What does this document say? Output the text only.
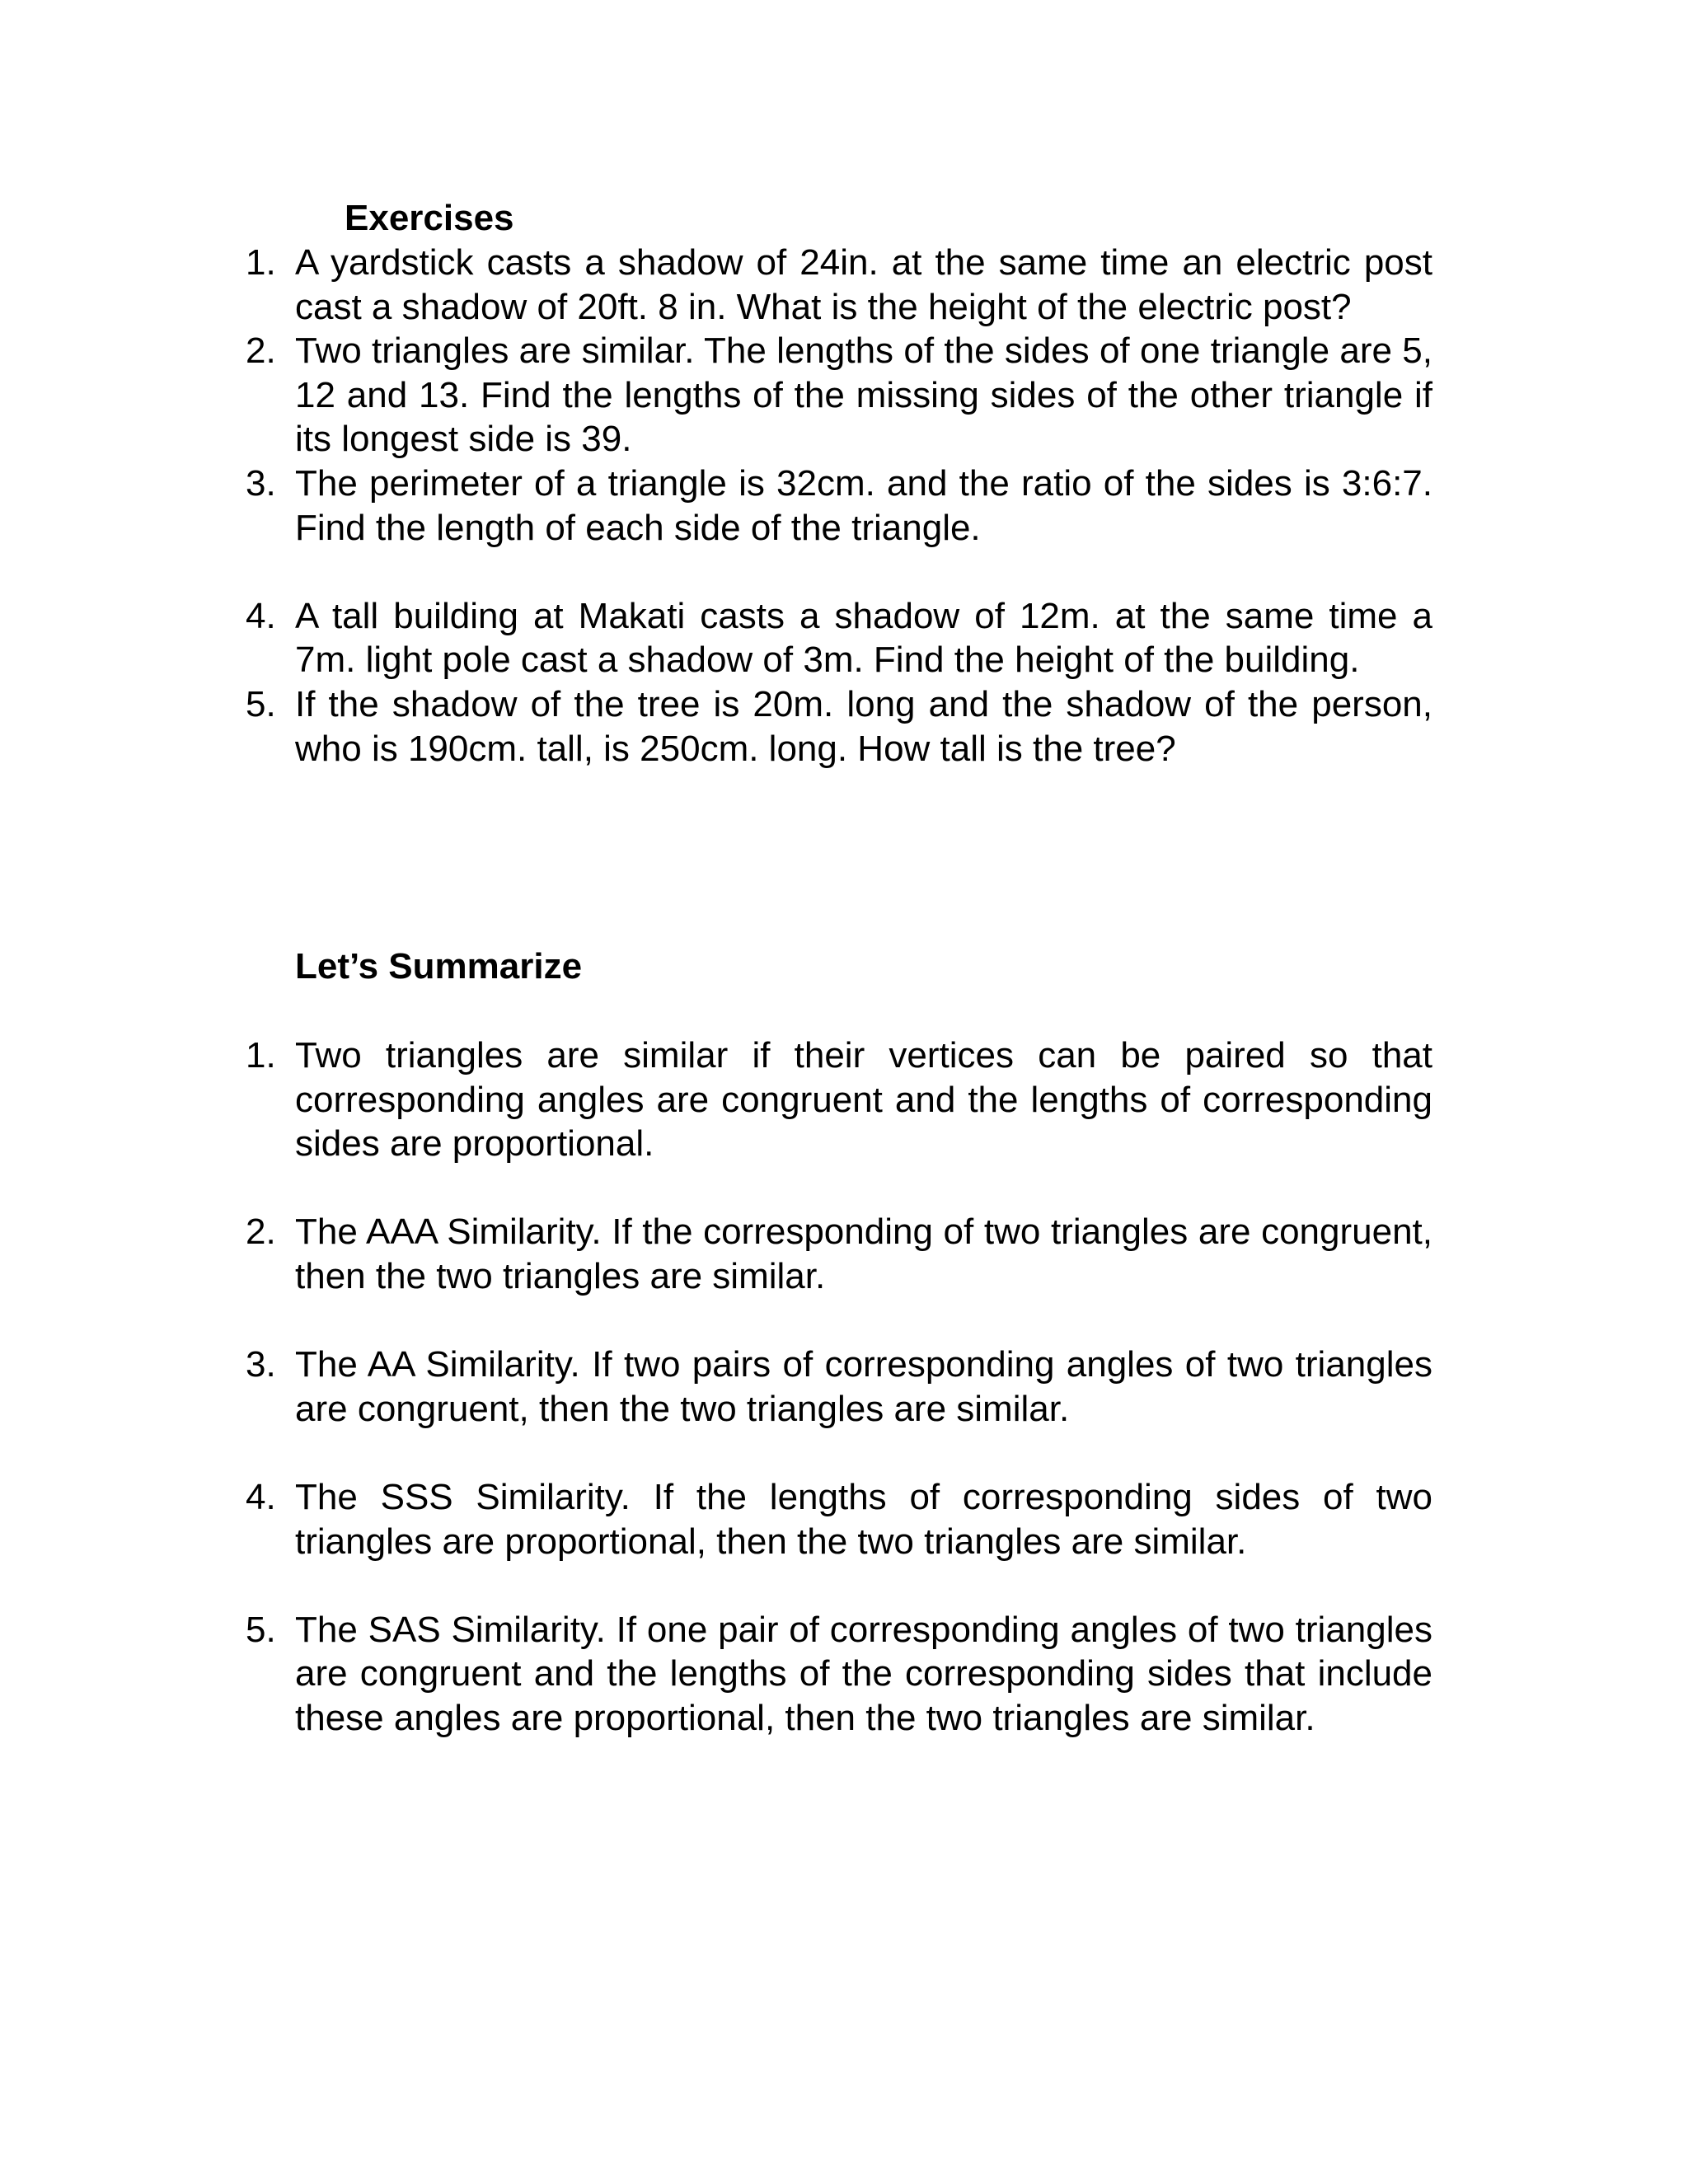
Exercises
1. A yardstick casts a shadow of 24in. at the same time an electric post cast a shadow of 20ft. 8 in. What is the height of the electric post?
2. Two triangles are similar. The lengths of the sides of one triangle are 5, 12 and 13. Find the lengths of the missing sides of the other triangle if its longest side is 39.
3. The perimeter of a triangle is 32cm. and the ratio of the sides is 3:6:7. Find the length of each side of the triangle.
4. A tall building at Makati casts a shadow of 12m. at the same time a 7m. light pole cast a shadow of 3m. Find the height of the building.
5. If the shadow of the tree is 20m. long and the shadow of the person, who is 190cm. tall, is 250cm. long. How tall is the tree?
Let’s Summarize
1. Two triangles are similar if their vertices can be paired so that corresponding angles are congruent and the lengths of corresponding sides are proportional.
2. The AAA Similarity. If the corresponding of two triangles are congruent, then the two triangles are similar.
3. The AA Similarity. If two pairs of corresponding angles of two triangles are congruent, then the two triangles are similar.
4. The SSS Similarity. If the lengths of corresponding sides of two triangles are proportional, then the two triangles are similar.
5. The SAS Similarity. If one pair of corresponding angles of two triangles are congruent and the lengths of the corresponding sides that include these angles are proportional, then the two triangles are similar.
